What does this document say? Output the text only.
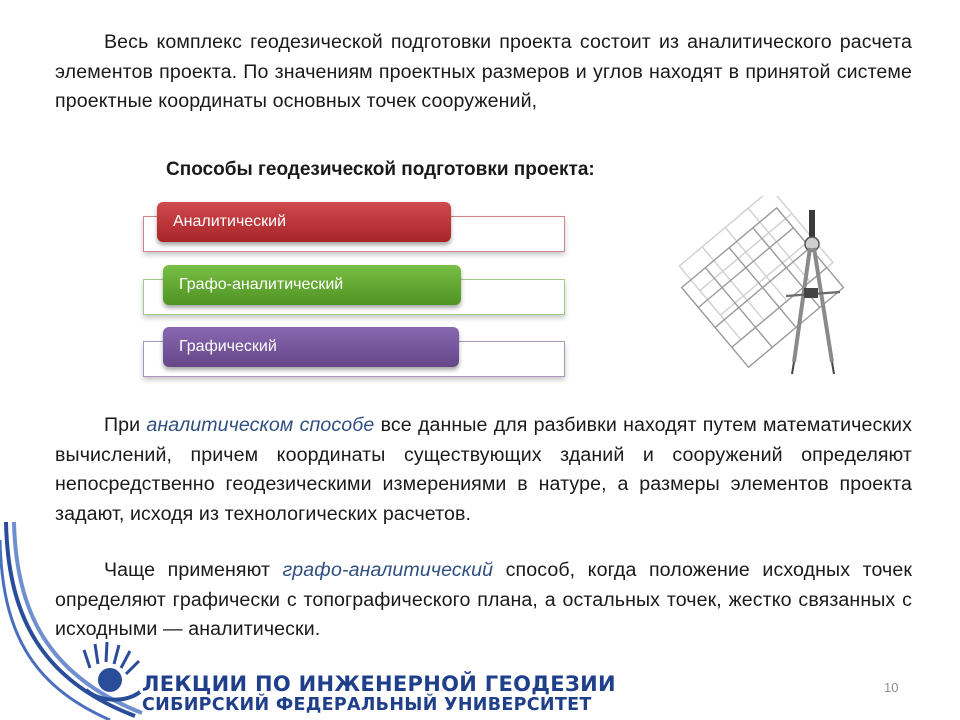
Весь комплекс геодезической подготовки проекта состоит из аналитического расчета элементов проекта. По значениям проектных размеров и углов находят в принятой системе проектные координаты основных точек сооружений,

Способы геодезической подготовки проекта:
Аналитический
Графо-аналитический
Графический

При аналитическом способе все данные для разбивки находят путем математических вычислений, причем координаты существующих зданий и сооружений определяют непосредственно геодезическими измерениями в натуре, а размеры элементов проекта задают, исходя из технологических расчетов.

Чаще применяют графо-аналитический способ, когда положение исходных точек определяют графически с топографического плана, а остальных точек, жестко связанных с исходными — аналитически.

ЛЕКЦИИ ПО ИНЖЕНЕРНОЙ ГЕОДЕЗИИ
СИБИРСКИЙ ФЕДЕРАЛЬНЫЙ УНИВЕРСИТЕТ
10
